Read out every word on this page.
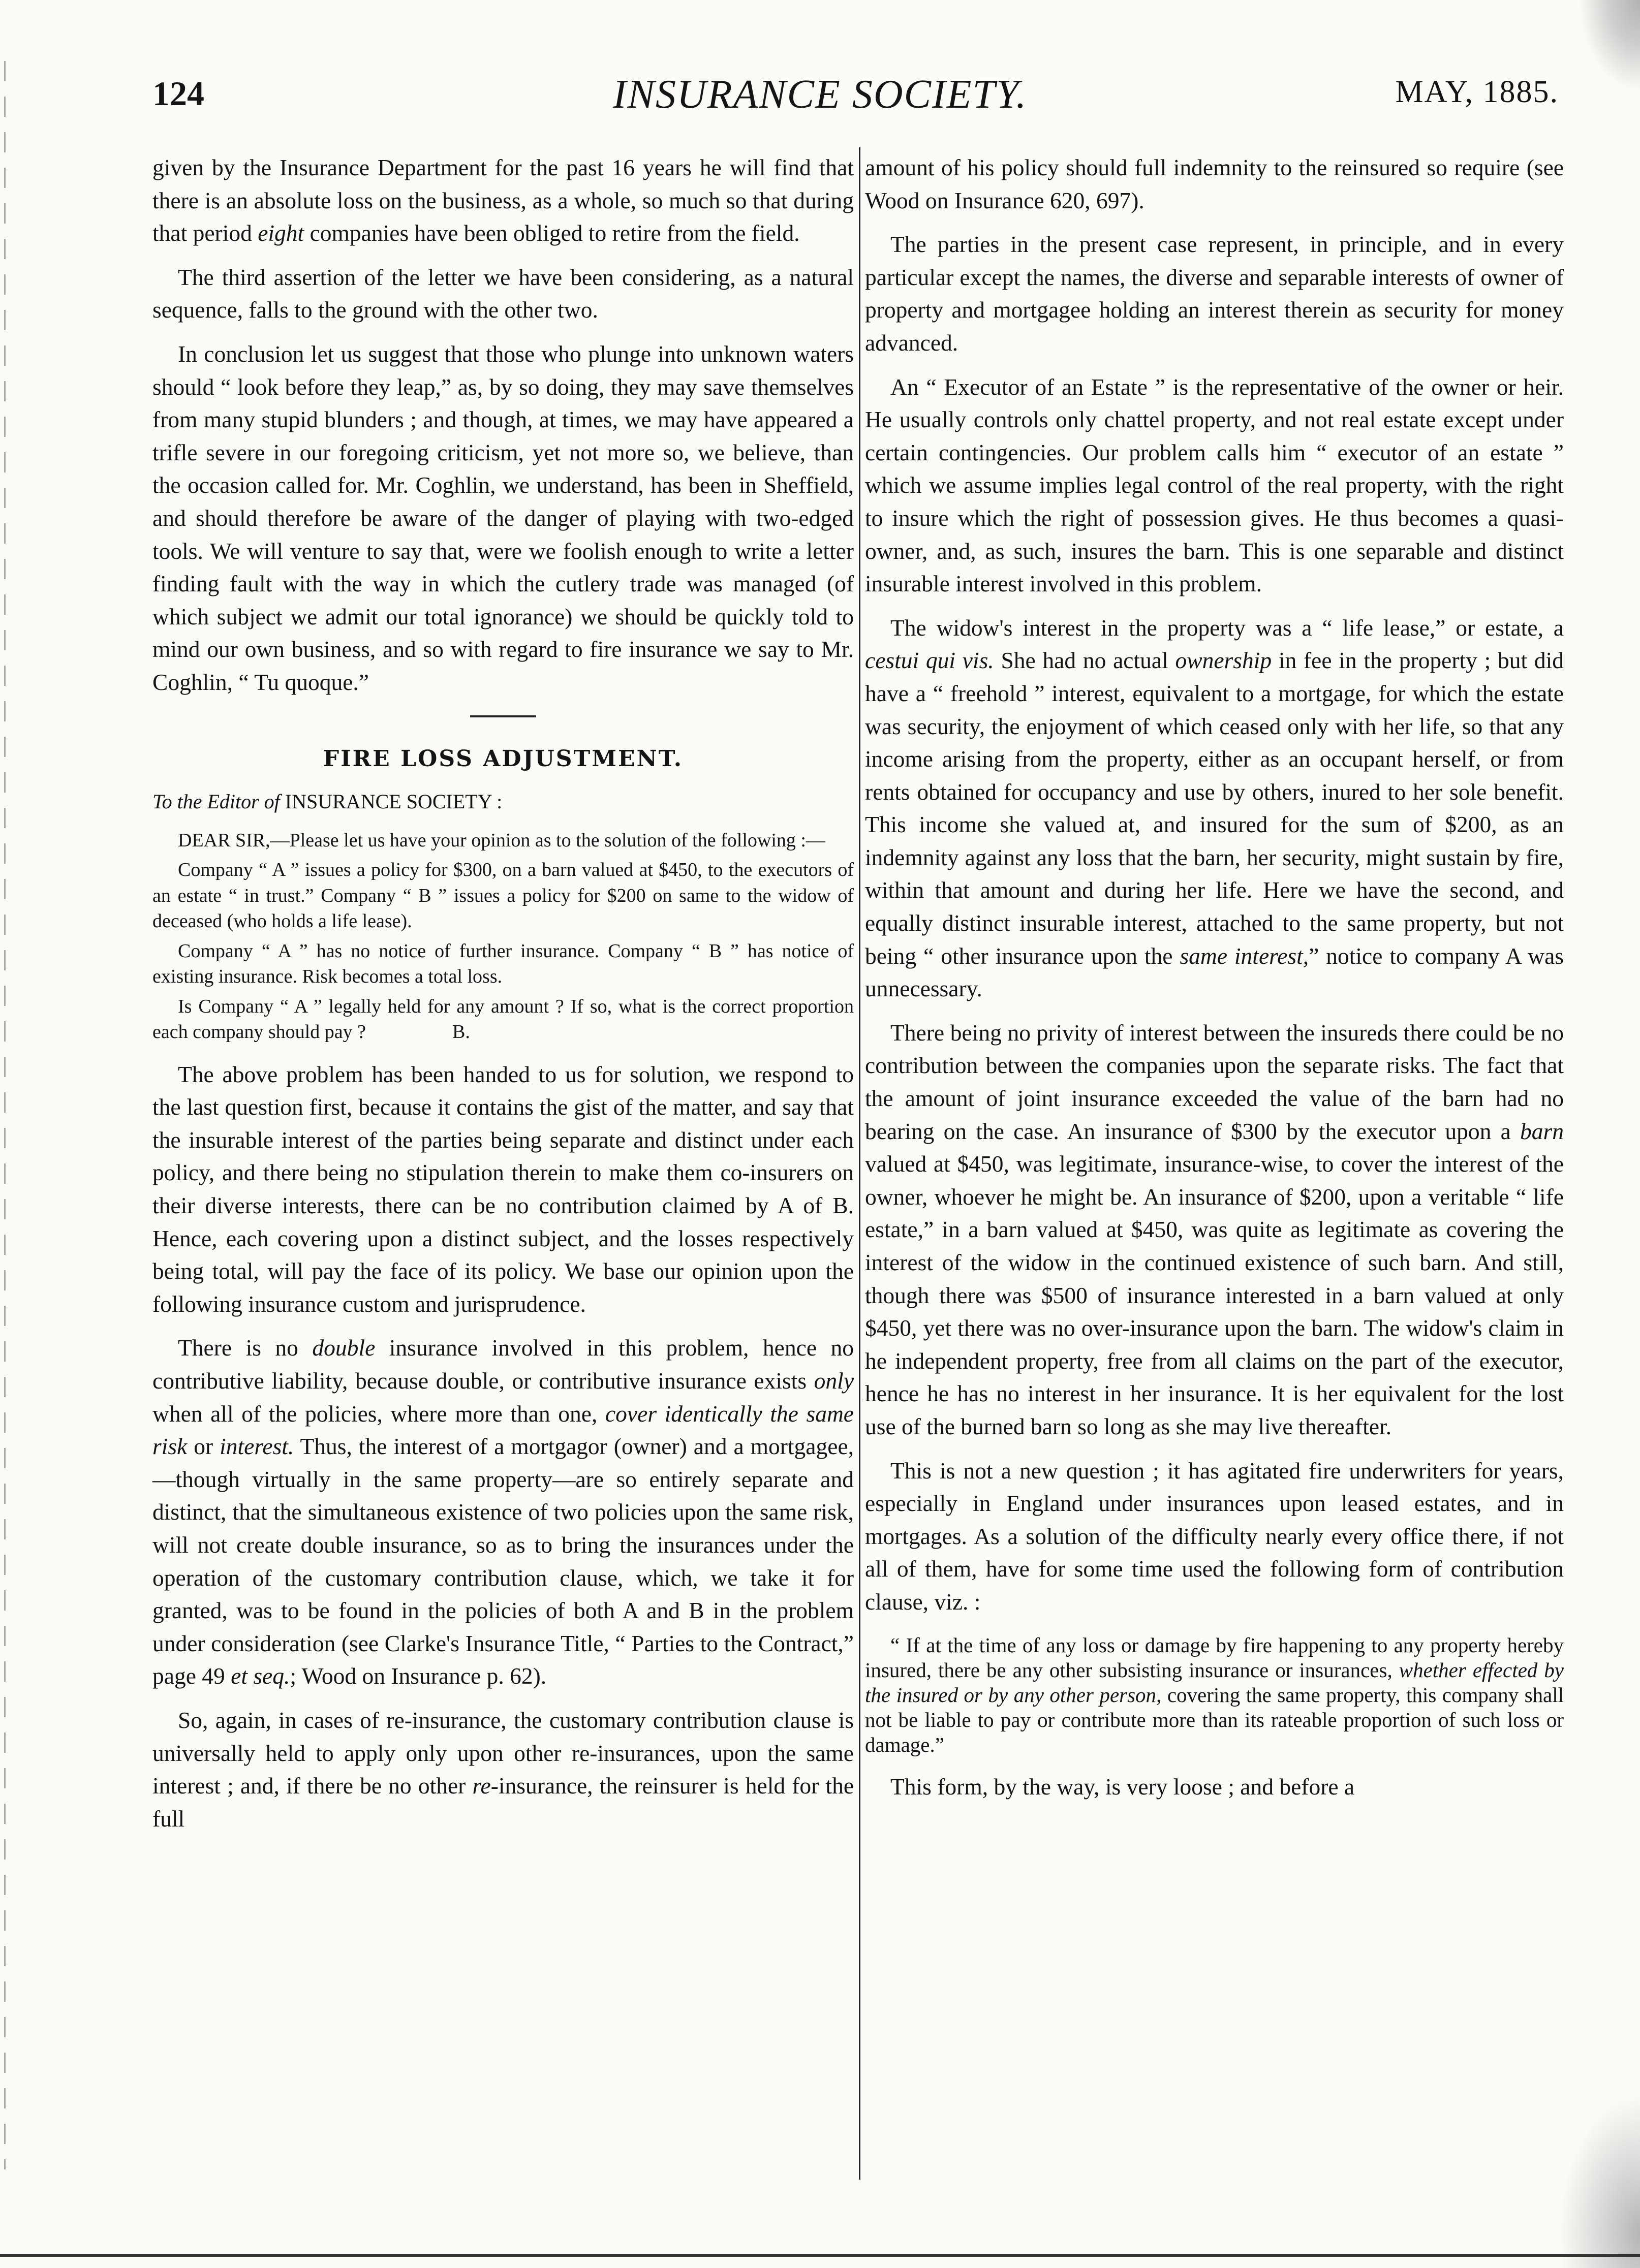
124	INSURANCE SOCIETY.	MAY, 1885.

given by the Insurance Department for the past 16 years he will find that there is an absolute loss on the business, as a whole, so much so that during that period eight companies have been obliged to retire from the field.

The third assertion of the letter we have been considering, as a natural sequence, falls to the ground with the other two.

In conclusion let us suggest that those who plunge into unknown waters should “ look before they leap,” as, by so doing, they may save themselves from many stupid blunders ; and though, at times, we may have appeared a trifle severe in our foregoing criticism, yet not more so, we believe, than the occasion called for. Mr. Coghlin, we understand, has been in Sheffield, and should therefore be aware of the danger of playing with two-edged tools. We will venture to say that, were we foolish enough to write a letter finding fault with the way in which the cutlery trade was managed (of which subject we admit our total ignorance) we should be quickly told to mind our own business, and so with regard to fire insurance we say to Mr. Coghlin, “ Tu quoque.”

FIRE LOSS ADJUSTMENT.

To the Editor of INSURANCE SOCIETY :

DEAR SIR,—Please let us have your opinion as to the solution of the following :—

Company “ A ” issues a policy for $300, on a barn valued at $450, to the executors of an estate “ in trust.” Company “ B ” issues a policy for $200 on same to the widow of deceased (who holds a life lease).

Company “ A ” has no notice of further insurance. Company “ B ” has notice of existing insurance. Risk becomes a total loss.

Is Company “ A ” legally held for any amount ? If so, what is the correct proportion each company should pay ?	B.

The above problem has been handed to us for solution, we respond to the last question first, because it contains the gist of the matter, and say that the insurable interest of the parties being separate and distinct under each policy, and there being no stipulation therein to make them co-insurers on their diverse interests, there can be no contribution claimed by A of B. Hence, each covering upon a distinct subject, and the losses respectively being total, will pay the face of its policy. We base our opinion upon the following insurance custom and jurisprudence.

There is no double insurance involved in this problem, hence no contributive liability, because double, or contributive insurance exists only when all of the policies, where more than one, cover identically the same risk or interest. Thus, the interest of a mortgagor (owner) and a mortgagee,—though virtually in the same property—are so entirely separate and distinct, that the simultaneous existence of two policies upon the same risk, will not create double insurance, so as to bring the insurances under the operation of the customary contribution clause, which, we take it for granted, was to be found in the policies of both A and B in the problem under consideration (see Clarke's Insurance Title, “ Parties to the Contract,” page 49 et seq.; Wood on Insurance p. 62).

So, again, in cases of re-insurance, the customary contribution clause is universally held to apply only upon other re-insurances, upon the same interest ; and, if there be no other re-insurance, the reinsurer is held for the full

amount of his policy should full indemnity to the reinsured so require (see Wood on Insurance 620, 697).

The parties in the present case represent, in principle, and in every particular except the names, the diverse and separable interests of owner of property and mortgagee holding an interest therein as security for money advanced.

An “ Executor of an Estate ” is the representative of the owner or heir. He usually controls only chattel property, and not real estate except under certain contingencies. Our problem calls him “ executor of an estate ” which we assume implies legal control of the real property, with the right to insure which the right of possession gives. He thus becomes a quasi-owner, and, as such, insures the barn. This is one separable and distinct insurable interest involved in this problem.

The widow's interest in the property was a “ life lease,” or estate, a cestui qui vis. She had no actual ownership in fee in the property ; but did have a “ freehold ” interest, equivalent to a mortgage, for which the estate was security, the enjoyment of which ceased only with her life, so that any income arising from the property, either as an occupant herself, or from rents obtained for occupancy and use by others, inured to her sole benefit. This income she valued at, and insured for the sum of $200, as an indemnity against any loss that the barn, her security, might sustain by fire, within that amount and during her life. Here we have the second, and equally distinct insurable interest, attached to the same property, but not being “ other insurance upon the same interest,” notice to company A was unnecessary.

There being no privity of interest between the insureds there could be no contribution between the companies upon the separate risks. The fact that the amount of joint insurance exceeded the value of the barn had no bearing on the case. An insurance of $300 by the executor upon a barn valued at $450, was legitimate, insurance-wise, to cover the interest of the owner, whoever he might be. An insurance of $200, upon a veritable “ life estate,” in a barn valued at $450, was quite as legitimate as covering the interest of the widow in the continued existence of such barn. And still, though there was $500 of insurance interested in a barn valued at only $450, yet there was no over-insurance upon the barn. The widow's claim in he independent property, free from all claims on the part of the executor, hence he has no interest in her insurance. It is her equivalent for the lost use of the burned barn so long as she may live thereafter.

This is not a new question ; it has agitated fire underwriters for years, especially in England under insurances upon leased estates, and in mortgages. As a solution of the difficulty nearly every office there, if not all of them, have for some time used the following form of contribution clause, viz. :

“ If at the time of any loss or damage by fire happening to any property hereby insured, there be any other subsisting insurance or insurances, whether effected by the insured or by any other person, covering the same property, this company shall not be liable to pay or contribute more than its rateable proportion of such loss or damage.”

This form, by the way, is very loose ; and before a
